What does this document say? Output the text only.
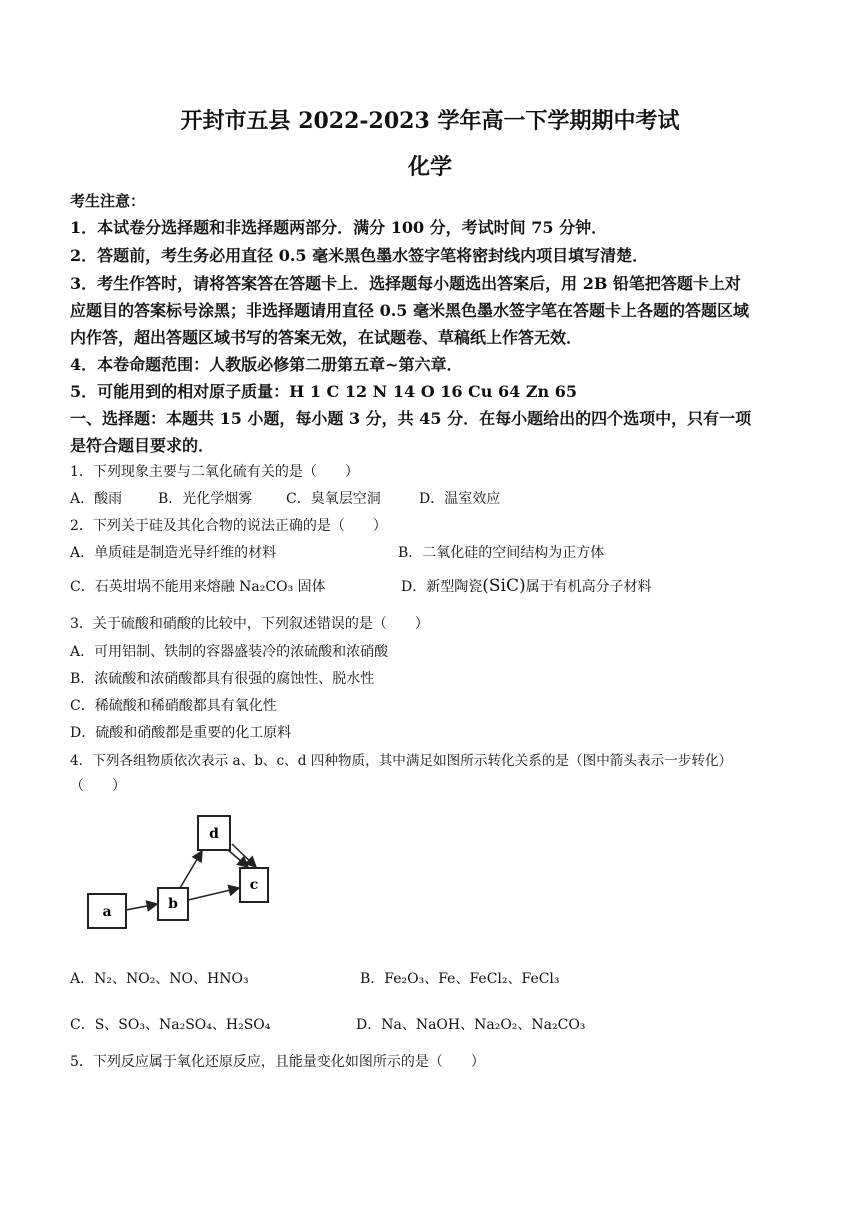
开封市五县 2022-2023 学年高一下学期期中考试
化学
考生注意：
1．本试卷分选择题和非选择题两部分．满分 100 分，考试时间 75 分钟．
2．答题前，考生务必用直径 0.5 毫米黑色墨水签字笔将密封线内项目填写清楚．
3．考生作答时，请将答案答在答题卡上．选择题每小题选出答案后，用 2B 铅笔把答题卡上对
应题目的答案标号涂黑；非选择题请用直径 0.5 毫米黑色墨水签字笔在答题卡上各题的答题区域
内作答，超出答题区域书写的答案无效，在试题卷、草稿纸上作答无效．
4．本卷命题范围：人教版必修第二册第五章~第六章．
5．可能用到的相对原子质量：H 1 C 12 N 14 O 16 Cu 64 Zn 65
一、选择题：本题共 15 小题，每小题 3 分，共 45 分．在每小题给出的四个选项中，只有一项
是符合题目要求的．
1．下列现象主要与二氧化硫有关的是（　　）
A．酸雨	B．光化学烟雾 C．臭氧层空洞	D．温室效应
2．下列关于硅及其化合物的说法正确的是（　　）
A．单质硅是制造光导纤维的材料	B．二氧化硅的空间结构为正方体
C．石英坩埚不能用来熔融 Na₂CO₃ 固体	D．新型陶瓷(SiC)属于有机高分子材料
3．关于硫酸和硝酸的比较中，下列叙述错误的是（　　）
A．可用铝制、铁制的容器盛装冷的浓硫酸和浓硝酸
B．浓硫酸和浓硝酸都具有很强的腐蚀性、脱水性
C．稀硫酸和稀硝酸都具有氧化性
D．硫酸和硝酸都是重要的化工原料
4．下列各组物质依次表示 a、b、c、d 四种物质，其中满足如图所示转化关系的是（图中箭头表示一步转化）
（　　）
a	b
c
d
A．N₂、NO₂、NO、HNO₃	B．Fe₂O₃、Fe、FeCl₂、FeCl₃
C．S、SO₃、Na₂SO₄、H₂SO₄	D．Na、NaOH、Na₂O₂、Na₂CO₃
5．下列反应属于氧化还原反应，且能量变化如图所示的是（　　）
